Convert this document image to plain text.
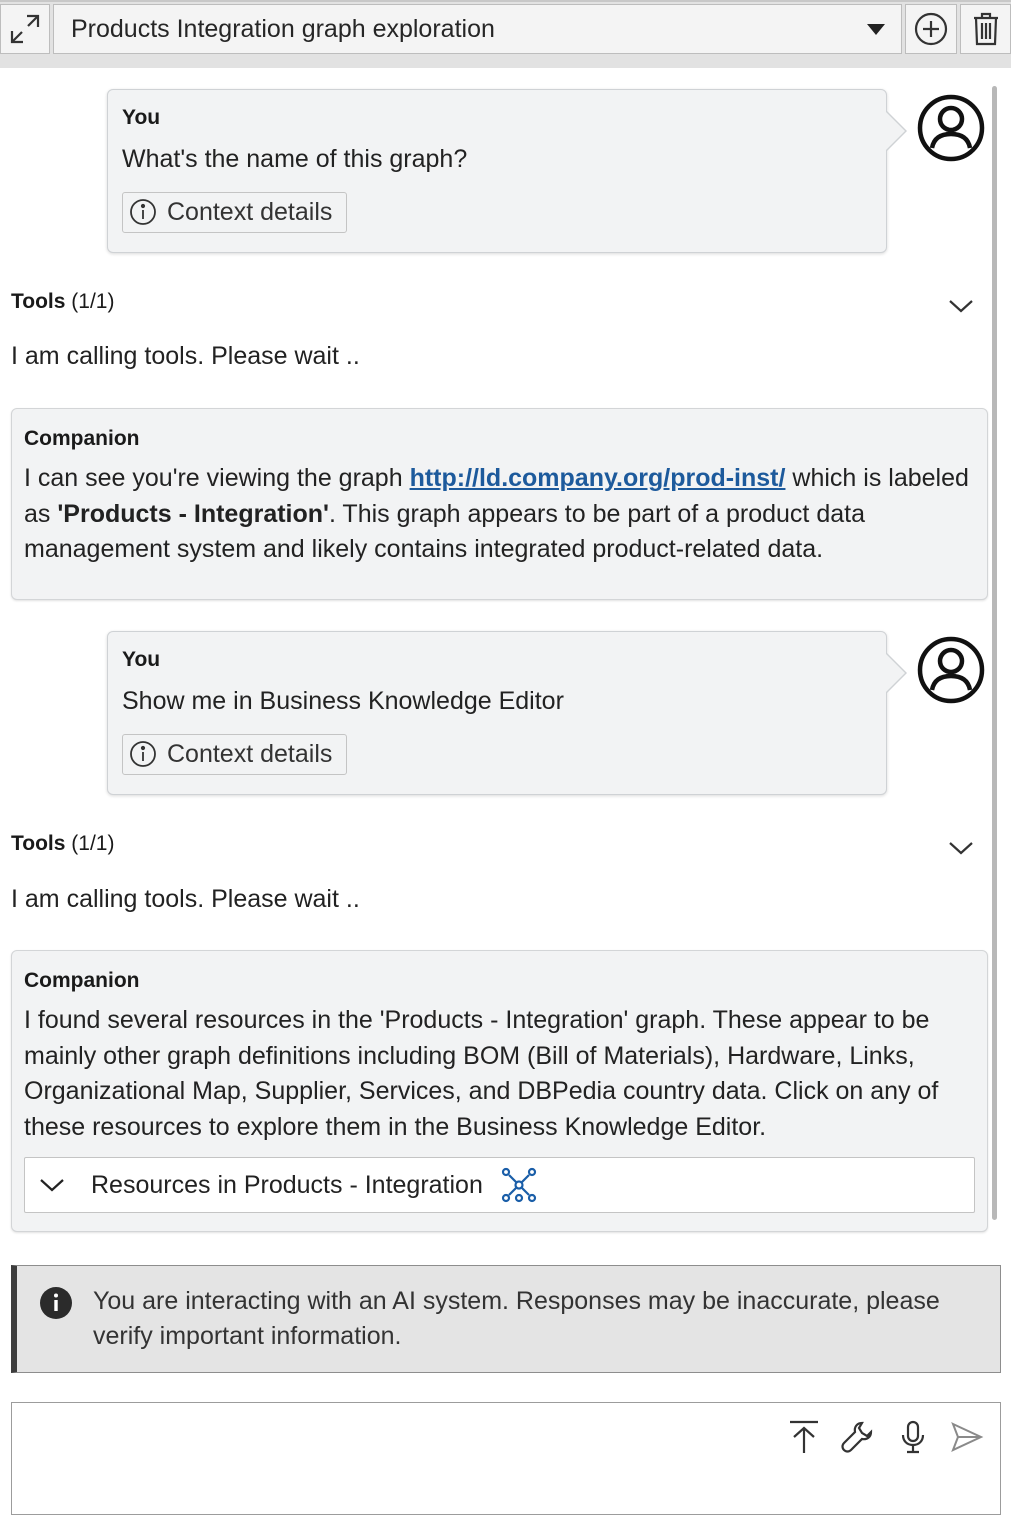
Products Integration graph exploration
You
What's the name of this graph?
Context details
Tools (1/1)
I am calling tools. Please wait ..
Companion
I can see you're viewing the graph http://ld.company.org/prod-inst/ which is labeled as 'Products - Integration'. This graph appears to be part of a product data management system and likely contains integrated product-related data.
You
Show me in Business Knowledge Editor
Context details
Tools (1/1)
I am calling tools. Please wait ..
Companion
I found several resources in the 'Products - Integration' graph. These appear to be mainly other graph definitions including BOM (Bill of Materials), Hardware, Links, Organizational Map, Supplier, Services, and DBPedia country data. Click on any of these resources to explore them in the Business Knowledge Editor.
Resources in Products - Integration
You are interacting with an AI system. Responses may be inaccurate, please verify important information.
